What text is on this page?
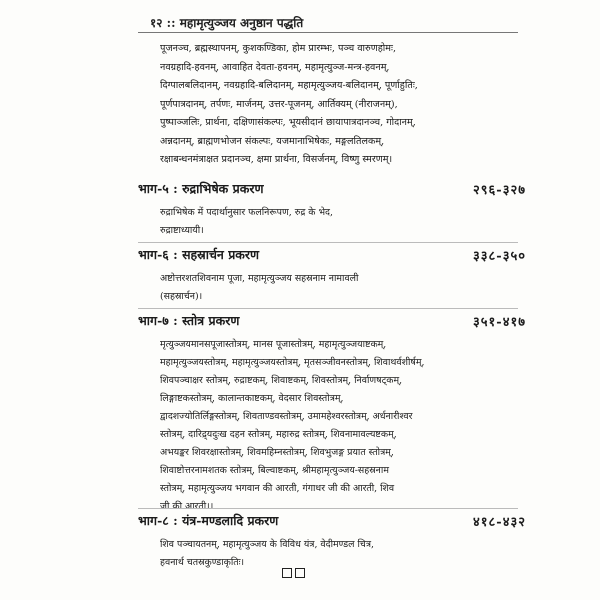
१२ :: महामृत्युञ्जय अनुष्ठान पद्धति
पूजनञ्च, ब्रह्मस्थापनम्, कुशकण्डिका, होम प्रारम्भः, पञ्च वारुणहोमः,
नवग्रहादि-हवनम्, आवाहित देवता-हवनम्, महामृत्युञ्ज-मन्त्र-हवनम्,
दिग्पालबलिदानम्, नवग्रहादि-बलिदानम्, महामृत्युञ्जय-बलिदानम्, पूर्णाहुतिः,
पूर्णपात्रदानम्, तर्पणः, मार्जनम्, उत्तर-पूजनम्, आर्तिक्यम् (नीराजनम्),
पुष्पाञ्जलिः, प्रार्थना, दक्षिणासंकल्पः, भूयसीदानं छायापात्रदानञ्च, गोदानम्,
अन्नदानम्, ब्राह्मणभोजन संकल्पः, यजमानाभिषेकः, मङ्गलतिलकम्,
रक्षाबन्धनमंत्राक्षत प्रदानञ्च, क्षमा प्रार्थना, विसर्जनम्, विष्णु स्मरणम्।
भाग-५ : रुद्राभिषेक प्रकरण	२९६-३२७
रुद्राभिषेक में पदार्थानुसार फलनिरूपण, रुद्र के भेद,
रुद्राष्टाध्यायी।
भाग-६ : सहस्रार्चन प्रकरण	३३८-३५०
अष्टोत्तरशतशिवनाम पूजा, महामृत्युञ्जय सहस्रनाम नामावली
(सहस्रार्चन)।
भाग-७ : स्तोत्र प्रकरण	३५१-४१७
मृत्युञ्जयमानसपूजास्तोत्रम्, मानस पूजास्तोत्रम्, महामृत्युञ्जयाष्टकम्,
महामृत्युञ्जयस्तोत्रम्, महामृत्युञ्जयस्तोत्रम्, मृतसञ्जीवनस्तोत्रम्, शिवाथर्वशीर्षम्,
शिवपञ्चाक्षर स्तोत्रम्, रुद्राष्टकम्, शिवाष्टकम्, शिवस्तोत्रम्, निर्वाणषट्कम्,
लिङ्गाष्टकस्तोत्रम्, कालान्तकाष्टकम्, वेदसार शिवस्तोत्रम्,
द्वादशज्योतिर्लिङ्गस्तोत्रम्, शिवताण्डवस्तोत्रम्, उमामहेश्वरस्तोत्रम्, अर्धनारीश्वर
स्तोत्रम्, दारिद्र्यदुःख दहन स्तोत्रम्, महारुद्र स्तोत्रम्, शिवनामावल्यष्टकम्,
अभयङ्कर शिवरक्षास्तोत्रम्, शिवमहिम्नस्तोत्रम्, शिवभुजङ्ग प्रयात स्तोत्रम्,
शिवाष्टोत्तरनामशतक स्तोत्रम्, बिल्वाष्टकम्, श्रीमहामृत्युञ्जय-सहस्रनाम
स्तोत्रम्, महामृत्युञ्जय भगवान की आरती, गंगाधर जी की आरती, शिव
जी की आरती।।
भाग-८ : यंत्र-मण्डलादि प्रकरण	४१८-४३२
शिव पञ्चायतनम्, महामृत्युञ्जय के विविध यंत्र, वेदीमण्डल चित्र,
हवनार्थ चतस्रकुण्डाकृतिः।
